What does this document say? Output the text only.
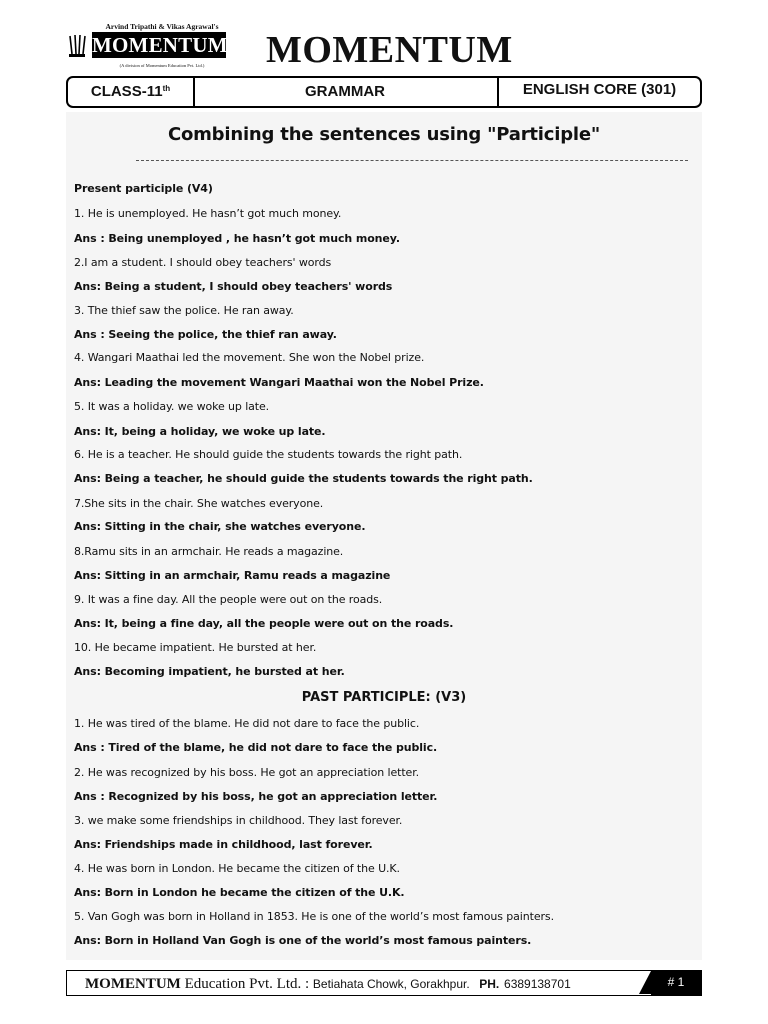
Arvind Tripathi & Vikas Agrawal's
MOMENTUM
(A division of Momentum Education Pvt. Ltd.)	MOMENTUM
CLASS-11th	GRAMMAR	ENGLISH CORE (301)
Combining the sentences using "Participle"
Present participle (V4)
1. He is unemployed. He hasn’t got much money.
Ans : Being unemployed , he hasn’t got much money.
2.I am a student. I should obey teachers' words
Ans: Being a student, I should obey teachers' words
3. The thief saw the police. He ran away.
Ans : Seeing the police, the thief ran away.
4. Wangari Maathai led the movement. She won the Nobel prize.
Ans: Leading the movement Wangari Maathai won the Nobel Prize.
5. It was a holiday. we woke up late.
Ans: It, being a holiday, we woke up late.
6. He is a teacher. He should guide the students towards the right path.
Ans: Being a teacher, he should guide the students towards the right path.
7.She sits in the chair. She watches everyone.
Ans: Sitting in the chair, she watches everyone.
8.Ramu sits in an armchair. He reads a magazine.
Ans: Sitting in an armchair, Ramu reads a magazine
9. It was a fine day. All the people were out on the roads.
Ans: It, being a fine day, all the people were out on the roads.
10. He became impatient. He bursted at her.
Ans: Becoming impatient, he bursted at her.
PAST PARTICIPLE: (V3)
1. He was tired of the blame. He did not dare to face the public.
Ans : Tired of the blame, he did not dare to face the public.
2. He was recognized by his boss. He got an appreciation letter.
Ans : Recognized by his boss, he got an appreciation letter.
3. we make some friendships in childhood. They last forever.
Ans: Friendships made in childhood, last forever.
4. He was born in London. He became the citizen of the U.K.
Ans: Born in London he became the citizen of the U.K.
5. Van Gogh was born in Holland in 1853. He is one of the world’s most famous painters.
Ans: Born in Holland Van Gogh is one of the world’s most famous painters.
MOMENTUM Education Pvt. Ltd. : Betiahata Chowk, Gorakhpur. PH. 6389138701	# 1
